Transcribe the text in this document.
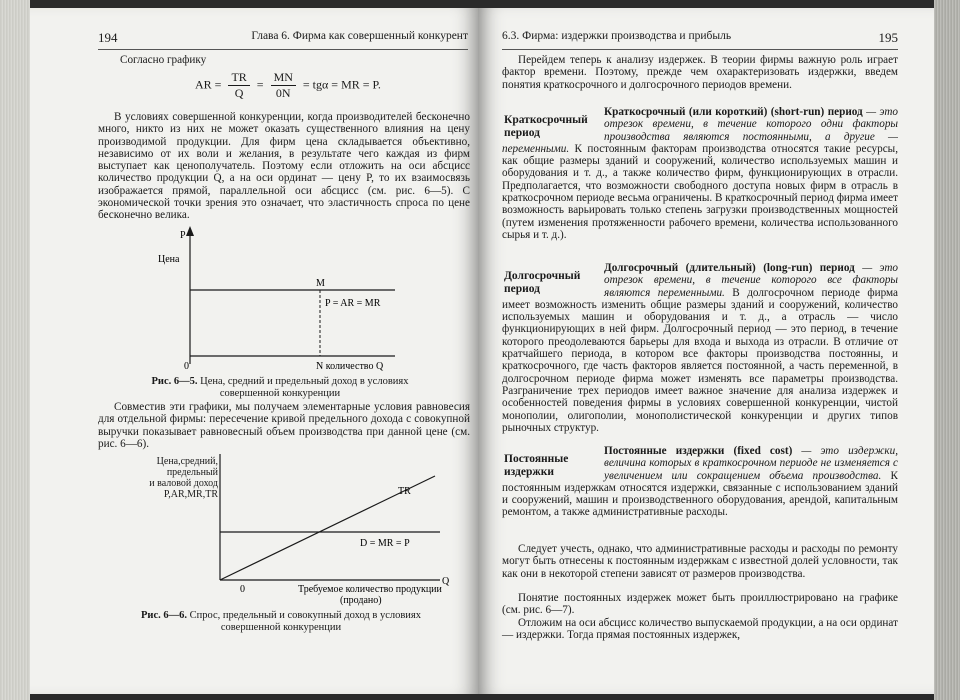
194	Глава 6. Фирма как совершенный конкурент
Согласно графику
AR = $\frac{TR}{Q} = \frac{MN}{0N} = tg\alpha$ = MR = P.
В условиях совершенной конкуренции, когда производителей бесконечно много, никто из них не может оказать существенного влияния на цену производимой продукции. Для фирм цена складывается объективно, независимо от их воли и желания, в результате чего каждая из фирм выступает как ценополучатель. Поэтому если отложить на оси абсцисс количество продукции Q, а на оси ординат — цену P, то их взаимосвязь изображается прямой, параллельной оси абсцисс (см. рис. 6—5). С экономической точки зрения это означает, что эластичность спроса по цене бесконечно велика.
P
Цена
M
P = AR = MR
0	N количество Q
Рис. 6—5. Цена, средний и предельный доход в условиях совершенной конкуренции
Совместив эти графики, мы получаем элементарные условия равновесия для отдельной фирмы: пересечение кривой предельного дохода с совокупной выручки показывает равновесный объем производства при данной цене (см. рис. 6—6).
Цена,средний,
предельный
и валовой доход
P,AR,MR,TR	TR
D = MR = P
0
Q
Требуемое количество продукции
(продано)
Рис. 6—6. Спрос, предельный и совокупный доход в условиях совершенной конкуренции
6.3. Фирма: издержки производства и прибыль	195
Перейдем теперь к анализу издержек. В теории фирмы важную роль играет фактор времени. Поэтому, прежде чем охарактеризовать издержки, введем понятия краткосрочного и долгосрочного периодов времени.
Краткосрочный период
Краткосрочный (или короткий) (short-run) период — это отрезок времени, в течение которого одни факторы производства являются постоянными, а другие — переменными. К постоянным факторам производства относятся такие ресурсы, как общие размеры зданий и сооружений, количество используемых машин и оборудования и т. д., а также количество фирм, функционирующих в отрасли. Предполагается, что возможности свободного доступа новых фирм в отрасль в краткосрочном периоде весьма ограничены. В краткосрочный период фирма имеет возможность варьировать только степень загрузки производственных мощностей (путем изменения протяженности рабочего времени, количества использованного сырья и т. д.).
Долгосрочный период
Долгосрочный (длительный) (long-run) период — это отрезок времени, в течение которого все факторы являются переменными. В долгосрочном периоде фирма имеет возможность изменить общие размеры зданий и сооружений, количество используемых машин и оборудования и т. д., а отрасль — число функционирующих в ней фирм. Долгосрочный период — это период, в течение которого преодолеваются барьеры для входа и выхода из отрасли. В отличие от кратчайшего периода, в котором все факторы производства постоянны, и краткосрочного, где часть факторов является постоянной, а часть переменной, в долгосрочном периоде фирма может изменять все параметры производства. Разграничение трех периодов имеет важное значение для анализа издержек и особенностей поведения фирмы в условиях совершенной конкуренции, чистой монополии, олигополии, монополистической конкуренции и других типов рыночных структур.
Постоянные издержки
Постоянные издержки (fixed cost) — это издержки, величина которых в краткосрочном периоде не изменяется с увеличением или сокращением объема производства. К постоянным издержкам относятся издержки, связанные с использованием зданий и сооружений, машин и производственного оборудования, арендой, капитальным ремонтом, а также административные расходы.
Следует учесть, однако, что административные расходы и расходы по ремонту могут быть отнесены к постоянным издержкам с известной долей условности, так как они в некоторой степени зависят от размеров производства.
Понятие постоянных издержек может быть проиллюстрировано на графике (см. рис. 6—7).
Отложим на оси абсцисс количество выпускаемой продукции, а на оси ординат — издержки. Тогда прямая постоянных издержек,
